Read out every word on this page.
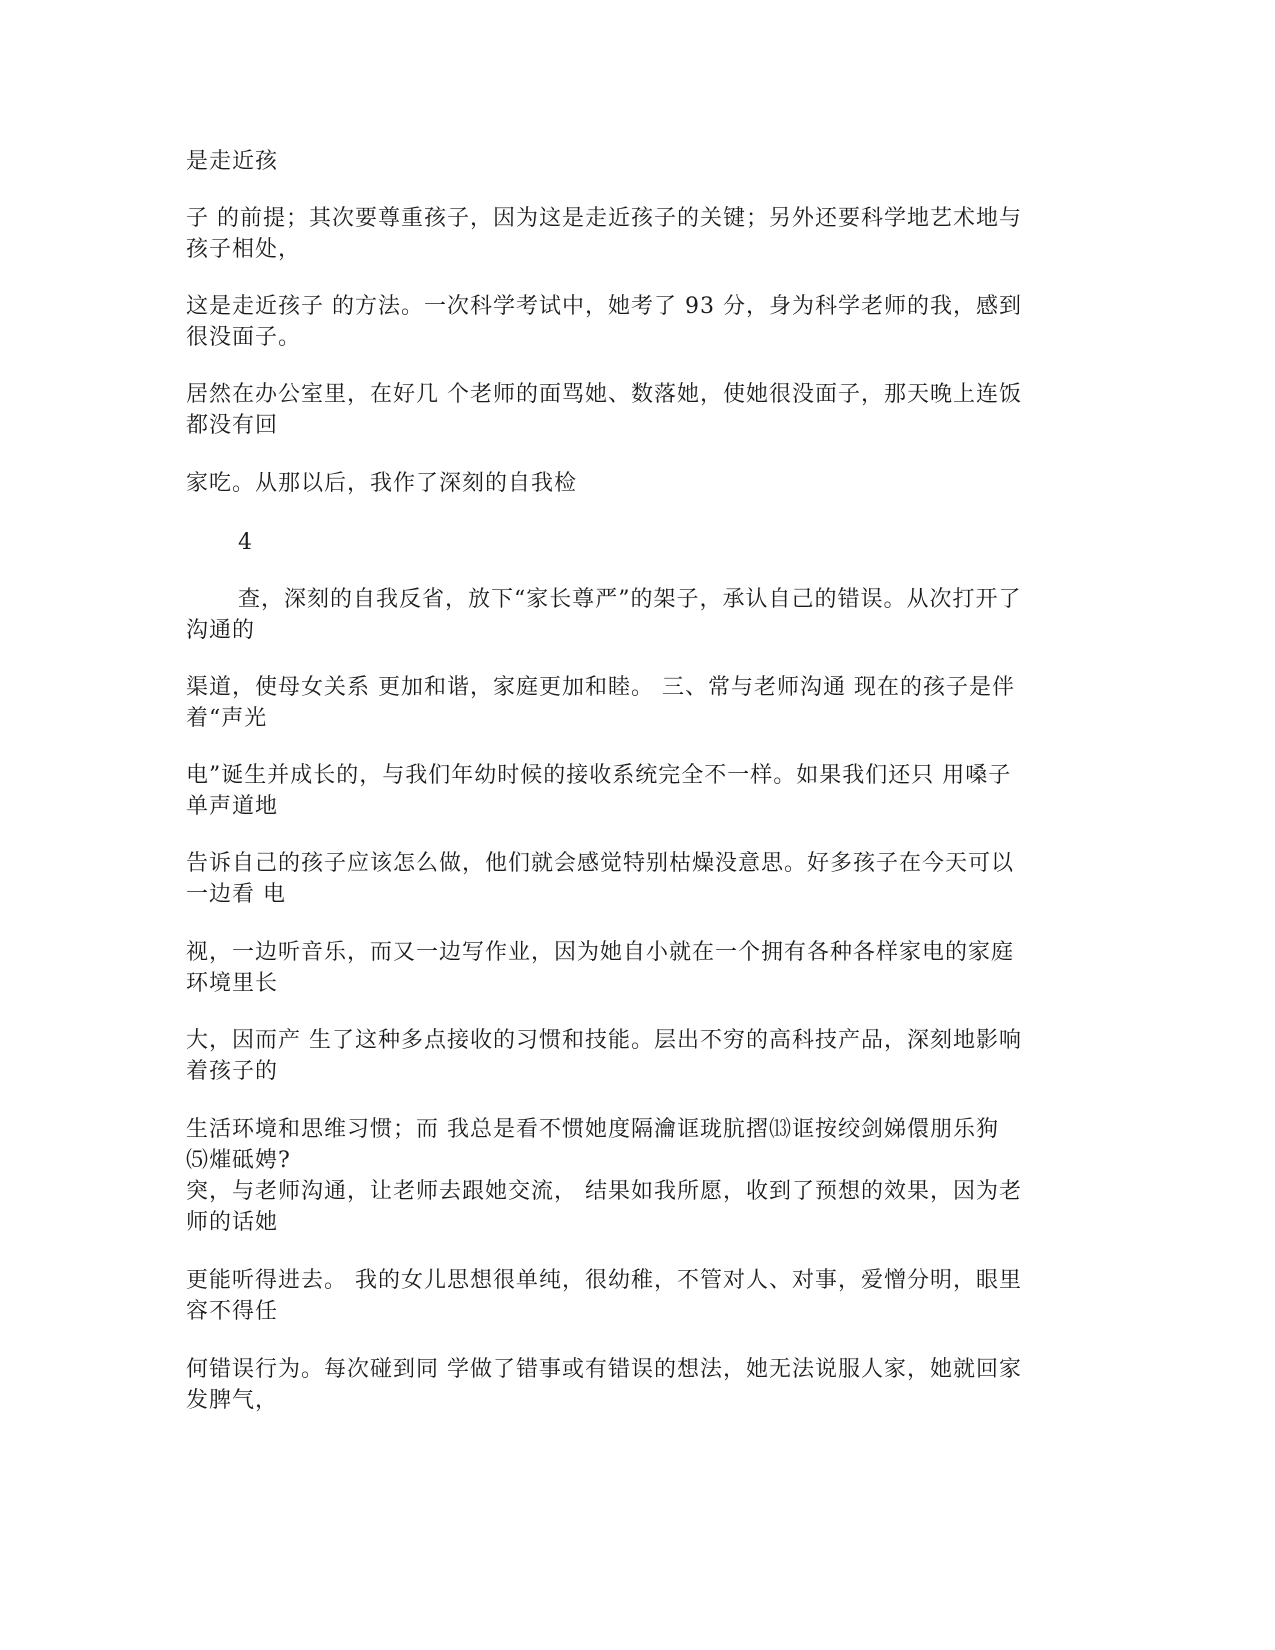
是走近孩
子 的前提；其次要尊重孩子，因为这是走近孩子的关键；另外还要科学地艺术地与
孩子相处，
这是走近孩子 的方法。一次科学考试中，她考了 93 分，身为科学老师的我，感到
很没面子。
居然在办公室里，在好几 个老师的面骂她、数落她，使她很没面子，那天晚上连饭
都没有回
家吃。从那以后，我作了深刻的自我检
4
查，深刻的自我反省，放下“家长尊严”的架子，承认自己的错误。从次打开了
沟通的
渠道，使母女关系 更加和谐，家庭更加和睦。 三、常与老师沟通 现在的孩子是伴
着“声光
电”诞生并成长的，与我们年幼时候的接收系统完全不一样。如果我们还只 用嗓子
单声道地
告诉自己的孩子应该怎么做，他们就会感觉特别枯燥没意思。好多孩子在今天可以
一边看 电
视，一边听音乐，而又一边写作业，因为她自小就在一个拥有各种各样家电的家庭
环境里长
大，因而产 生了这种多点接收的习惯和技能。层出不穷的高科技产品，深刻地影响
着孩子的
生活环境和思维习惯；而 我总是看不惯她度隔瀹诓珑肮摺⒀诓按绞剑娣儇朋乐狗
⑸熣砥娉?
突，与老师沟通，让老师去跟她交流， 结果如我所愿，收到了预想的效果，因为老
师的话她
更能听得进去。 我的女儿思想很单纯，很幼稚，不管对人、对事，爱憎分明，眼里
容不得任
何错误行为。每次碰到同 学做了错事或有错误的想法，她无法说服人家，她就回家
发脾气，
